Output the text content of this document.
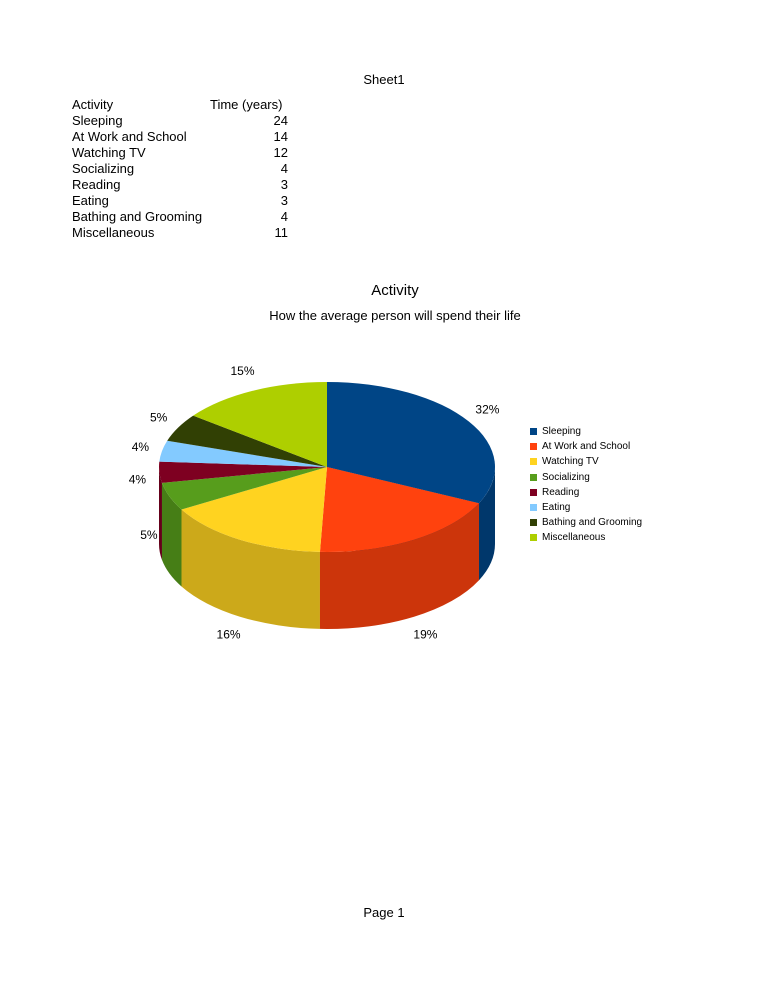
Sheet1
Activity	Time (years)
Sleeping	24
At Work and School	14
Watching TV	12
Socializing	4
Reading	3
Eating	3
Bathing and Grooming	4
Miscellaneous	11
Activity
How the average person will spend their life
32%
19%
16%
5%
4%
4%
5%
15%
Sleeping
At Work and School
Watching TV
Socializing
Reading
Eating
Bathing and Grooming
Miscellaneous
Page 1
